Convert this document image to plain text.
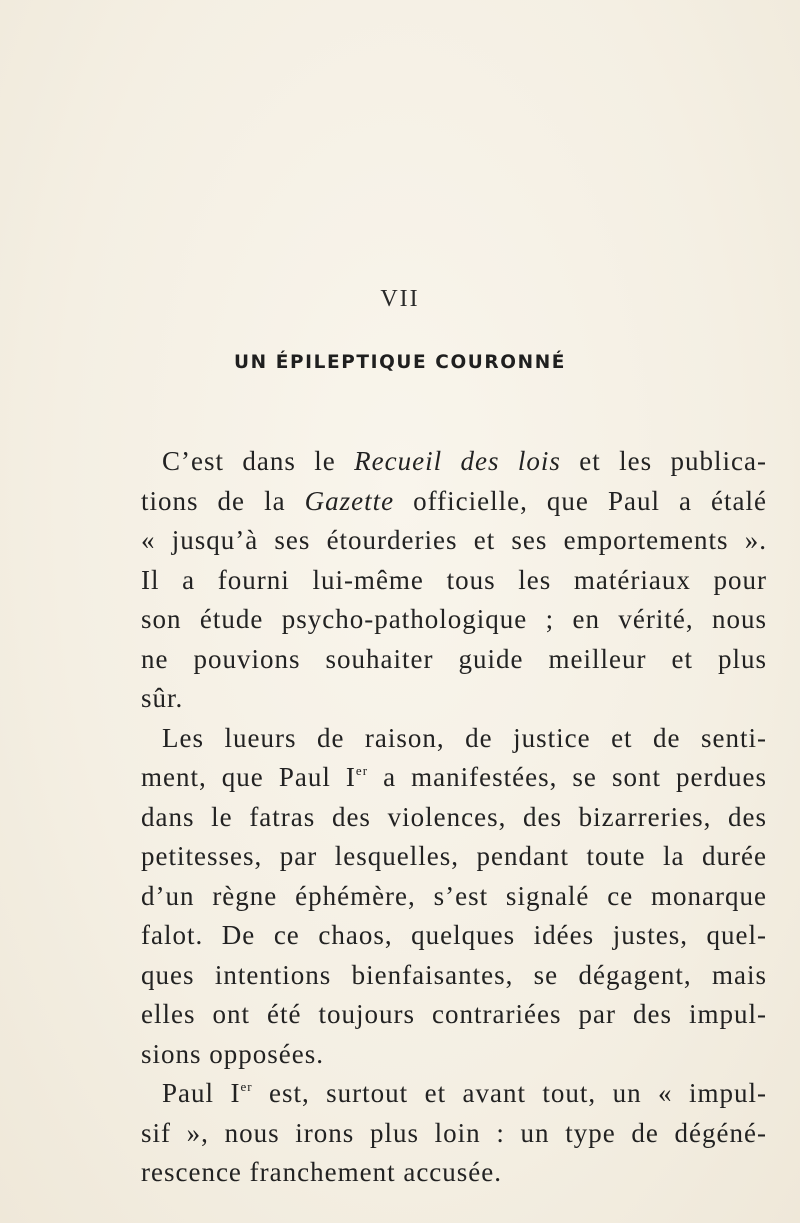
VII
UN ÉPILEPTIQUE COURONNÉ
C’est dans le Recueil des lois et les publica-
tions de la Gazette officielle, que Paul a étalé
« jusqu’à ses étourderies et ses emportements ».
Il a fourni lui-même tous les matériaux pour
son étude psycho-pathologique ; en vérité, nous
ne pouvions souhaiter guide meilleur et plus
sûr.
Les lueurs de raison, de justice et de senti-
ment, que Paul Ier a manifestées, se sont perdues
dans le fatras des violences, des bizarreries, des
petitesses, par lesquelles, pendant toute la durée
d’un règne éphémère, s’est signalé ce monarque
falot. De ce chaos, quelques idées justes, quel-
ques intentions bienfaisantes, se dégagent, mais
elles ont été toujours contrariées par des impul-
sions opposées.
Paul Ier est, surtout et avant tout, un « impul-
sif », nous irons plus loin : un type de dégéné-
rescence franchement accusée.
